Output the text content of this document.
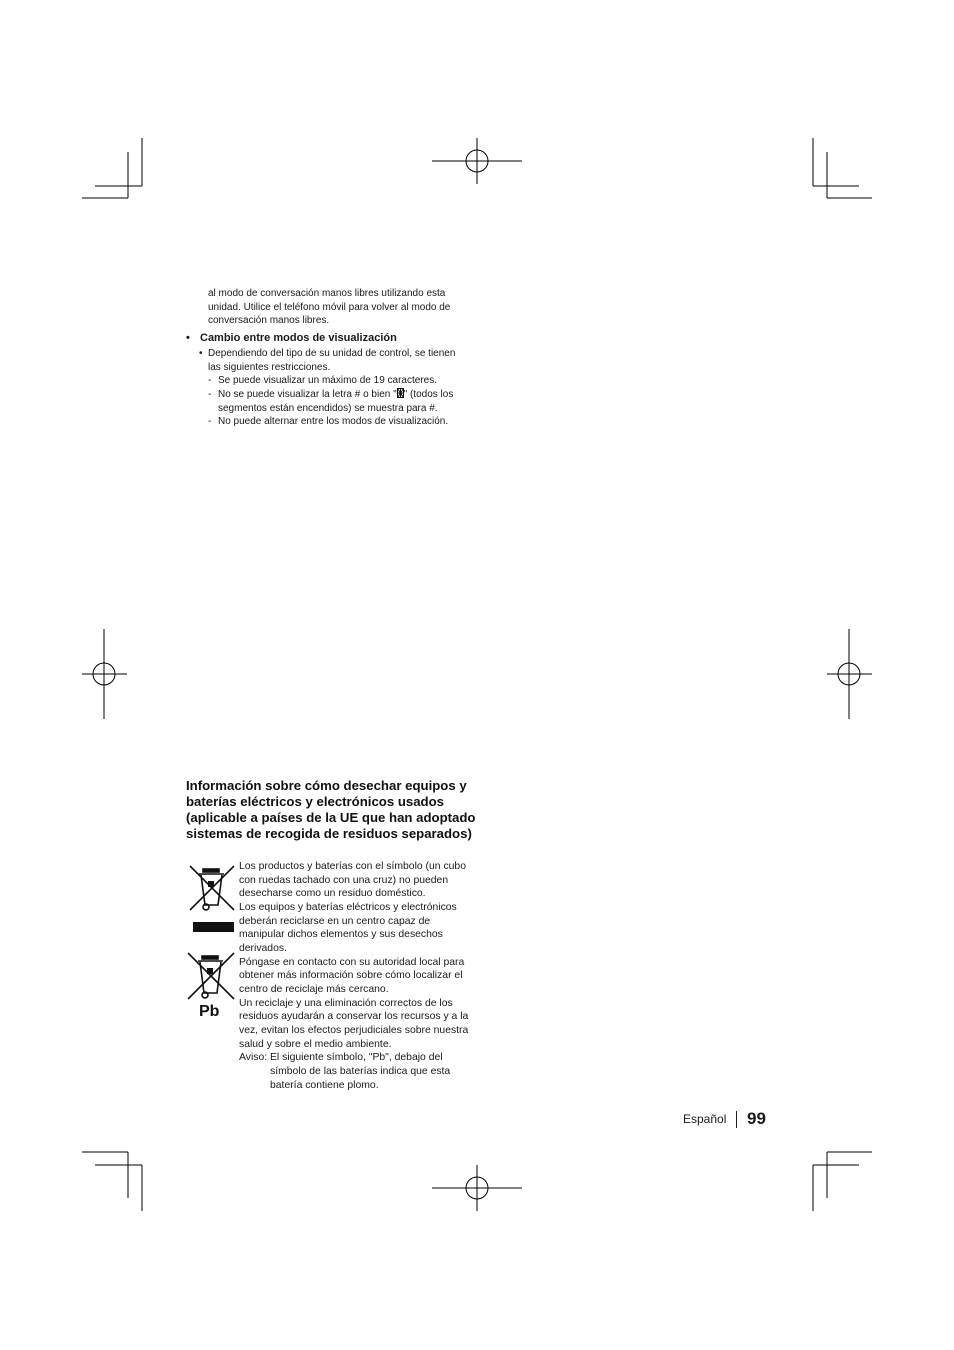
al modo de conversación manos libres utilizando esta unidad. Utilice el teléfono móvil para volver al modo de conversación manos libres.
• Cambio entre modos de visualización
• Dependiendo del tipo de su unidad de control, se tienen las siguientes restricciones.
- Se puede visualizar un máximo de 19 caracteres.
- No se puede visualizar la letra # o bien " " (todos los segmentos están encendidos) se muestra para #.
- No puede alternar entre los modos de visualización.
Información sobre cómo desechar equipos y baterías eléctricos y electrónicos usados (aplicable a países de la UE que han adoptado sistemas de recogida de residuos separados)
Pb

Los productos y baterías con el símbolo (un cubo con ruedas tachado con una cruz) no pueden desecharse como un residuo doméstico.

Los equipos y baterías eléctricos y electrónicos deberán reciclarse en un centro capaz de manipular dichos elementos y sus desechos derivados.

Póngase en contacto con su autoridad local para obtener más información sobre cómo localizar el centro de reciclaje más cercano.

Un reciclaje y una eliminación correctos de los residuos ayudarán a conservar los recursos y a la vez, evitan los efectos perjudiciales sobre nuestra salud y sobre el medio ambiente.

Aviso: El siguiente símbolo, "Pb", debajo del

símbolo de las baterías indica que esta batería contiene plomo.

Español 99
